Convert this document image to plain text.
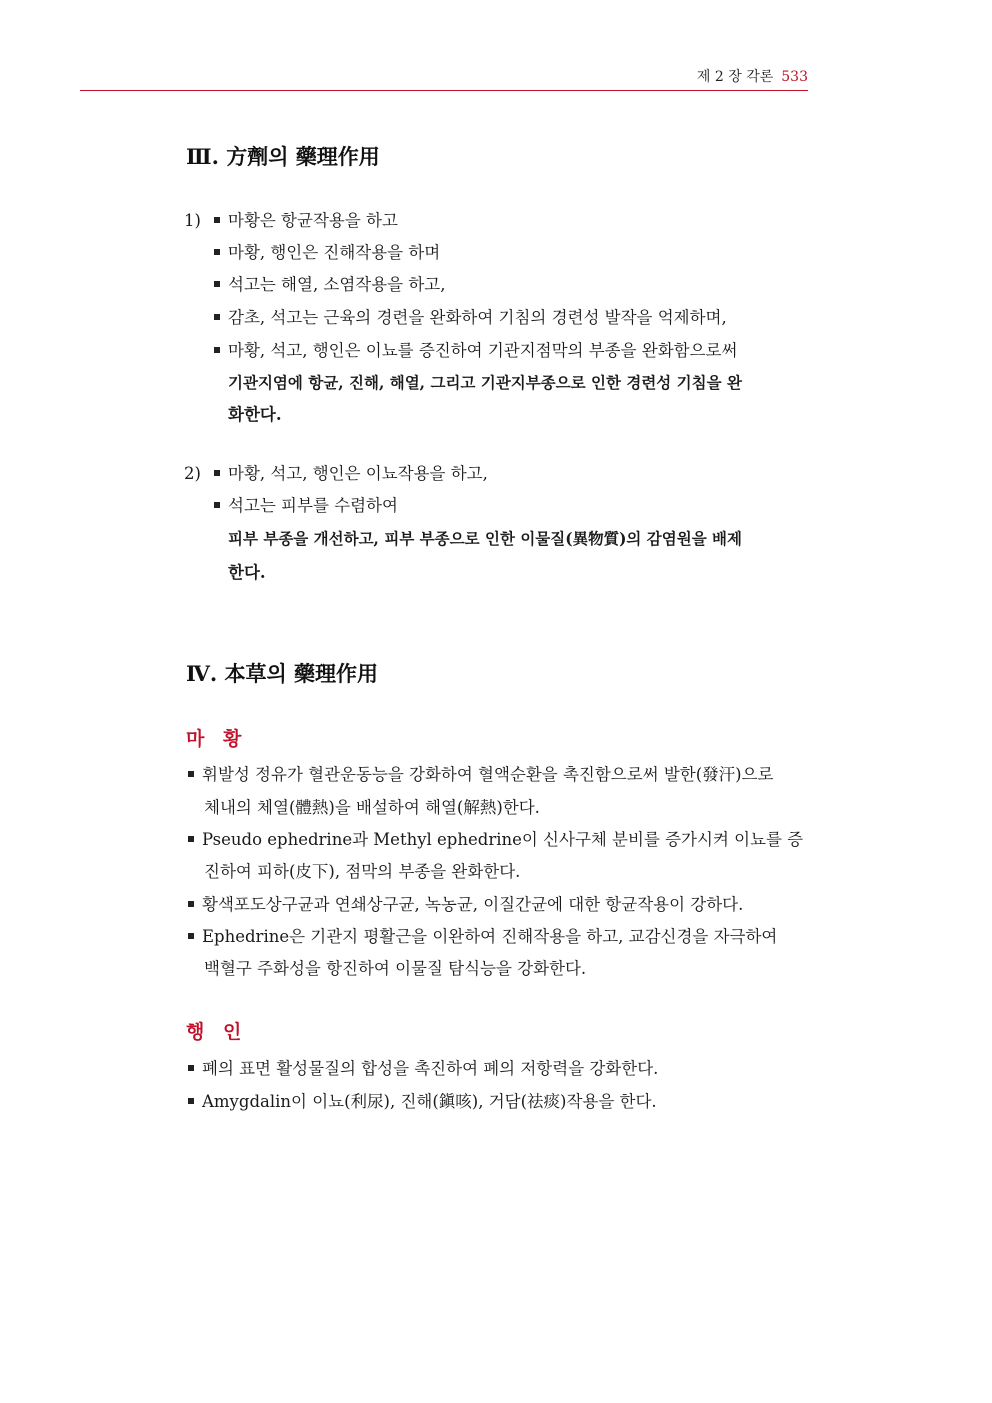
제 2 장 각론 533
Ⅲ. 方劑의 藥理作用
1)	마황은 항균작용을 하고
마황, 행인은 진해작용을 하며
석고는 해열, 소염작용을 하고,
감초, 석고는 근육의 경련을 완화하여 기침의 경련성 발작을 억제하며,
마황, 석고, 행인은 이뇨를 증진하여 기관지점막의 부종을 완화함으로써
기관지염에 항균, 진해, 해열, 그리고 기관지부종으로 인한 경련성 기침을 완
화한다.
2)	마황, 석고, 행인은 이뇨작용을 하고,
석고는 피부를 수렴하여
피부 부종을 개선하고, 피부 부종으로 인한 이물질(異物質)의 감염원을 배제
한다.
Ⅳ. 本草의 藥理作用
마 황
휘발성 정유가 혈관운동능을 강화하여 혈액순환을 촉진함으로써 발한(發汗)으로
체내의 체열(體熱)을 배설하여 해열(解熱)한다.
Pseudo ephedrine과 Methyl ephedrine이 신사구체 분비를 증가시켜 이뇨를 증
진하여 피하(皮下), 점막의 부종을 완화한다.
황색포도상구균과 연쇄상구균, 녹농균, 이질간균에 대한 항균작용이 강하다.
Ephedrine은 기관지 평활근을 이완하여 진해작용을 하고, 교감신경을 자극하여
백혈구 주화성을 항진하여 이물질 탐식능을 강화한다.
행 인
폐의 표면 활성물질의 합성을 촉진하여 폐의 저항력을 강화한다.
Amygdalin이 이뇨(利尿), 진해(鎭咳), 거담(祛痰)작용을 한다.
